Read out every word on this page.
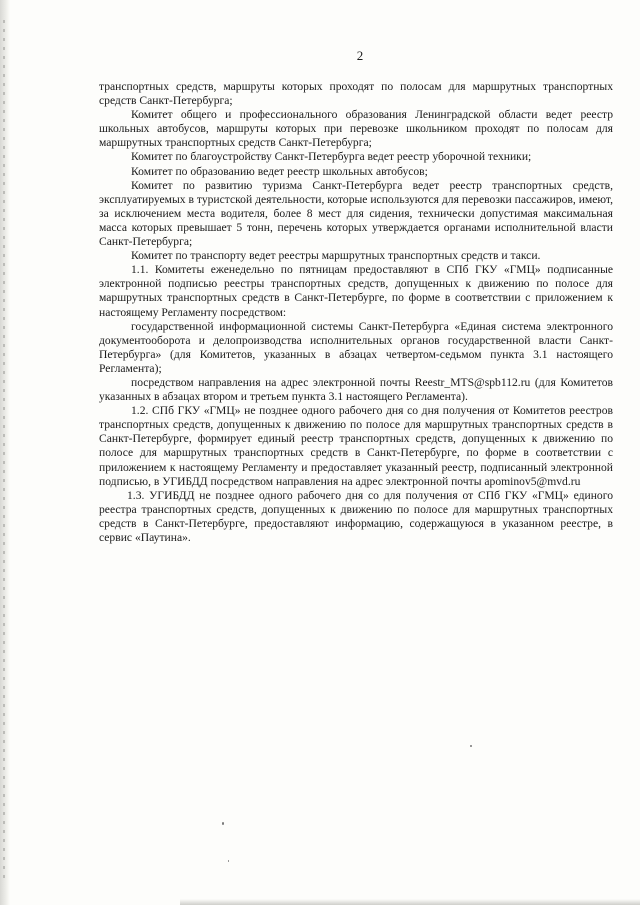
2

транспортных средств, маршруты которых проходят по полосам для маршрутных транспортных средств Санкт-Петербурга;

Комитет общего и профессионального образования Ленинградской области ведет реестр школьных автобусов, маршруты которых при перевозке школьником проходят по полосам для маршрутных транспортных средств Санкт-Петербурга;

Комитет по благоустройству Санкт-Петербурга ведет реестр уборочной техники;

Комитет по образованию ведет реестр школьных автобусов;

Комитет по развитию туризма Санкт-Петербурга ведет реестр транспортных средств, эксплуатируемых в туристской деятельности, которые используются для перевозки пассажиров, имеют, за исключением места водителя, более 8 мест для сидения, технически допустимая максимальная масса которых превышает 5 тонн, перечень которых утверждается органами исполнительной власти Санкт-Петербурга;

Комитет по транспорту ведет реестры маршрутных транспортных средств и такси.

1.1. Комитеты еженедельно по пятницам предоставляют в СПб ГКУ «ГМЦ» подписанные электронной подписью реестры транспортных средств, допущенных к движению по полосе для маршрутных транспортных средств в Санкт-Петербурге, по форме в соответствии с приложением к настоящему Регламенту посредством:

государственной информационной системы Санкт-Петербурга «Единая система электронного документооборота и делопроизводства исполнительных органов государственной власти Санкт-Петербурга» (для Комитетов, указанных в абзацах четвертом-седьмом пункта 3.1 настоящего Регламента);

посредством направления на адрес электронной почты Reestr_MTS@spb112.ru (для Комитетов указанных в абзацах втором и третьем пункта 3.1 настоящего Регламента).

1.2. СПб ГКУ «ГМЦ» не позднее одного рабочего дня со дня получения от Комитетов реестров транспортных средств, допущенных к движению по полосе для маршрутных транспортных средств в Санкт-Петербурге, формирует единый реестр транспортных средств, допущенных к движению по полосе для маршрутных транспортных средств в Санкт-Петербурге, по форме в соответствии с приложением к настоящему Регламенту и предоставляет указанный реестр, подписанный электронной подписью, в УГИБДД посредством направления на адрес электронной почты apominov5@mvd.ru

1.3. УГИБДД не позднее одного рабочего дня со для получения от СПб ГКУ «ГМЦ» единого реестра транспортных средств, допущенных к движению по полосе для маршрутных транспортных средств в Санкт-Петербурге, предоставляют информацию, содержащуюся в указанном реестре, в сервис «Паутина».
